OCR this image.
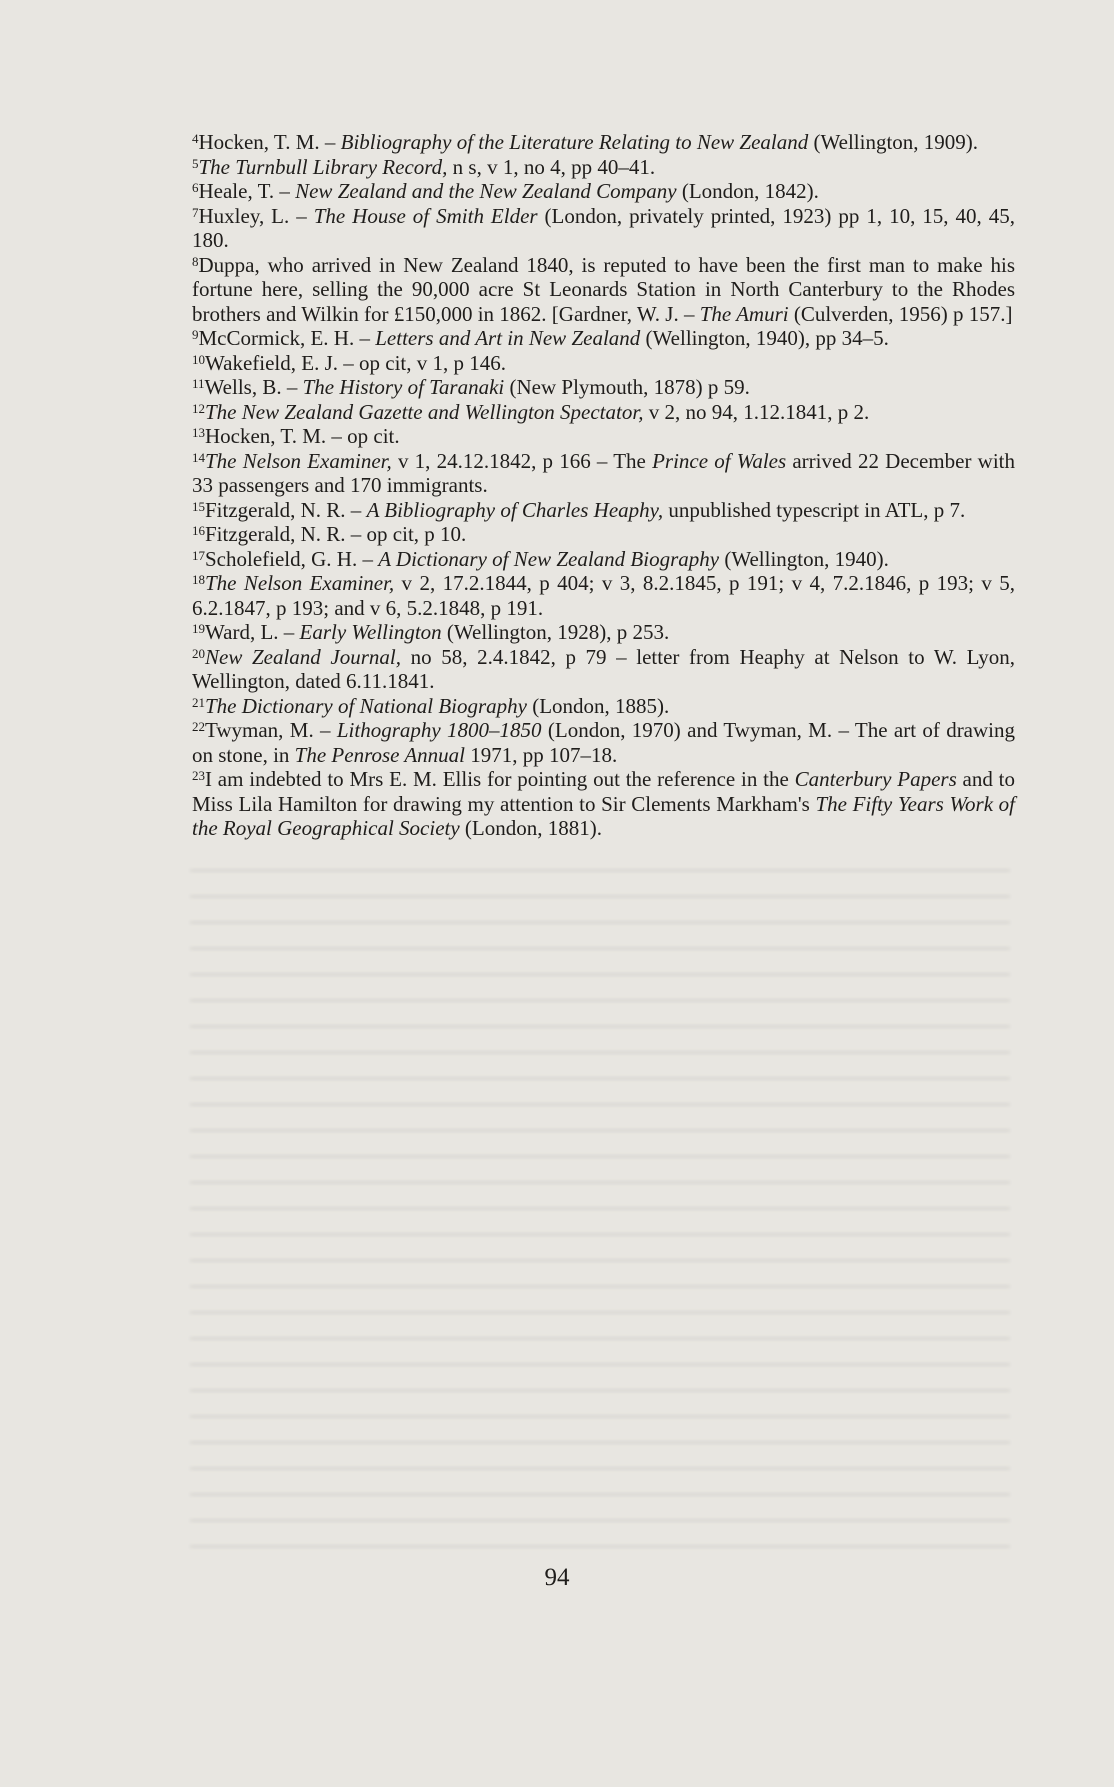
$^4$Hocken, T. M. – Bibliography of the Literature Relating to New Zealand (Wellington, 1909).

$^5$The Turnbull Library Record, n s, v 1, no 4, pp 40–41.

$^6$Heale, T. – New Zealand and the New Zealand Company (London, 1842).

$^7$Huxley, L. – The House of Smith Elder (London, privately printed, 1923) pp 1, 10, 15, 40, 45, 180.

$^8$Duppa, who arrived in New Zealand 1840, is reputed to have been the first man to make his fortune here, selling the 90,000 acre St Leonards Station in North Canterbury to the Rhodes brothers and Wilkin for £150,000 in 1862. [Gardner, W. J. – The Amuri (Culverden, 1956) p 157.]

$^9$McCormick, E. H. – Letters and Art in New Zealand (Wellington, 1940), pp 34–5.

$^{10}$Wakefield, E. J. – op cit, v 1, p 146.

$^{11}$Wells, B. – The History of Taranaki (New Plymouth, 1878) p 59.

$^{12}$The New Zealand Gazette and Wellington Spectator, v 2, no 94, 1.12.1841, p 2.

$^{13}$Hocken, T. M. – op cit.

$^{14}$The Nelson Examiner, v 1, 24.12.1842, p 166 – The Prince of Wales arrived 22 December with 33 passengers and 170 immigrants.

$^{15}$Fitzgerald, N. R. – A Bibliography of Charles Heaphy, unpublished typescript in ATL, p 7.

$^{16}$Fitzgerald, N. R. – op cit, p 10.

$^{17}$Scholefield, G. H. – A Dictionary of New Zealand Biography (Wellington, 1940).

$^{18}$The Nelson Examiner, v 2, 17.2.1844, p 404; v 3, 8.2.1845, p 191; v 4, 7.2.1846, p 193; v 5, 6.2.1847, p 193; and v 6, 5.2.1848, p 191.

$^{19}$Ward, L. – Early Wellington (Wellington, 1928), p 253.

$^{20}$New Zealand Journal, no 58, 2.4.1842, p 79 – letter from Heaphy at Nelson to W. Lyon, Wellington, dated 6.11.1841.

$^{21}$The Dictionary of National Biography (London, 1885).

$^{22}$Twyman, M. – Lithography 1800–1850 (London, 1970) and Twyman, M. – The art of drawing on stone, in The Penrose Annual 1971, pp 107–18.

$^{23}$I am indebted to Mrs E. M. Ellis for pointing out the reference in the Canterbury Papers and to Miss Lila Hamilton for drawing my attention to Sir Clements Markham's The Fifty Years Work of the Royal Geographical Society (London, 1881).

94
